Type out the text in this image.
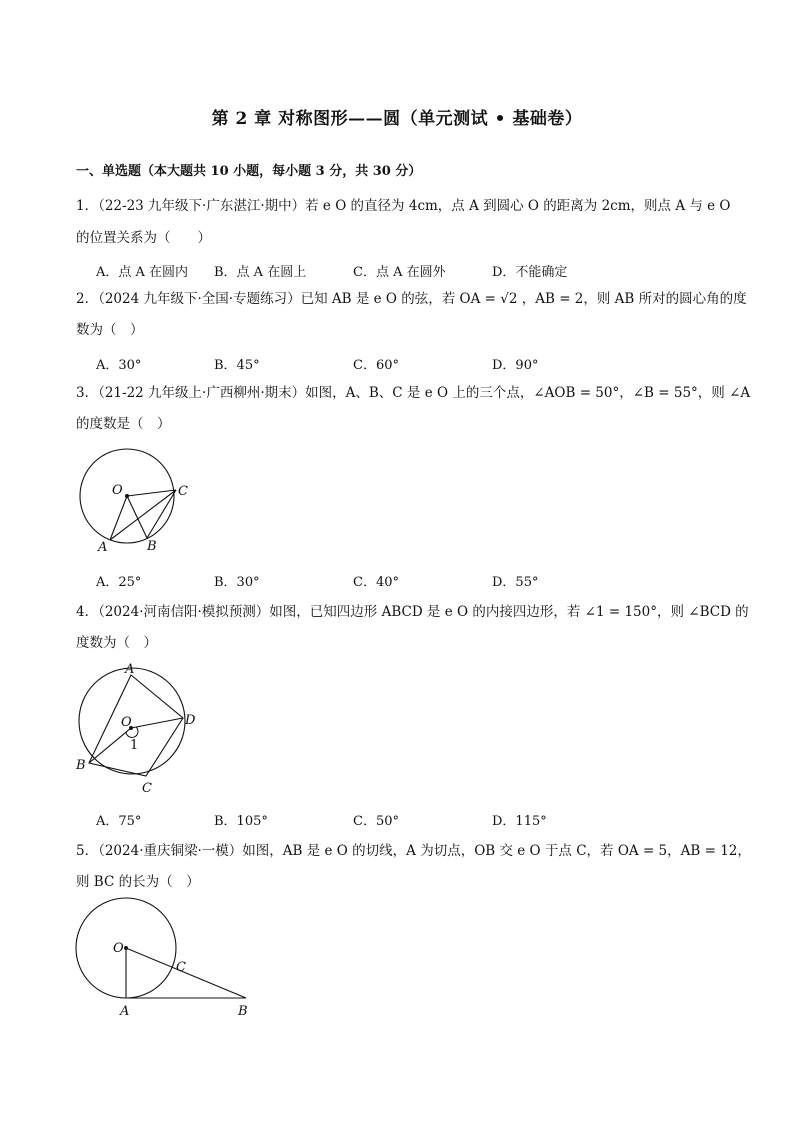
第 2 章 对称图形——圆（单元测试 • 基础卷）
一、单选题（本大题共 10 小题，每小题 3 分，共 30 分）
1．（22-23 九年级下·广东湛江·期中）若 e O 的直径为 4cm，点 A 到圆心 O 的距离为 2cm，则点 A 与 e O
的位置关系为（　　）
A．点 A 在圆内 B．点 A 在圆上	C．点 A 在圆外	D．不能确定
2．（2024 九年级下·全国·专题练习）已知 AB 是 e O 的弦，若 OA = √2 ，AB = 2，则 AB 所对的圆心角的度
数为（　）
A．30°	B．45°	C．60°	D．90°
3．（21-22 九年级上·广西柳州·期末）如图，A、B、C 是 e O 上的三个点，∠AOB = 50°，∠B = 55°，则 ∠A
的度数是（　）
O	C
A	B
A．25°	B．30°	C．40°	D．55°
4．（2024·河南信阳·模拟预测）如图，已知四边形 ABCD 是 e O 的内接四边形，若 ∠1 = 150°，则 ∠BCD 的
度数为（　）
A
O	D
1
B
C
A．75°	B．105°	C．50°	D．115°
5．（2024·重庆铜梁·一模）如图，AB 是 e O 的切线，A 为切点，OB 交 e O 于点 C，若 OA = 5，AB = 12，
则 BC 的长为（　）
O
C
A	B
